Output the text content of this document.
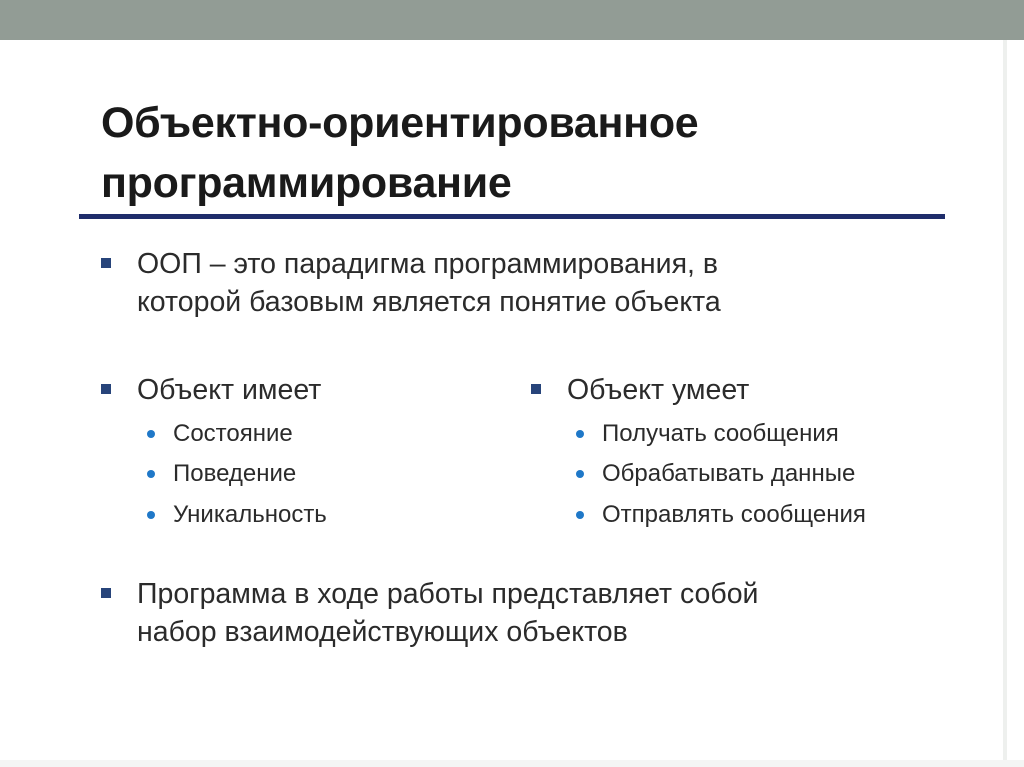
Объектно-ориентированное
программирование
ООП – это парадигма программирования, в
которой базовым является понятие объекта
Объект имеет
Состояние
Поведение
Уникальность
Объект умеет
Получать сообщения
Обрабатывать данные
Отправлять сообщения
Программа в ходе работы представляет собой
набор взаимодействующих объектов
